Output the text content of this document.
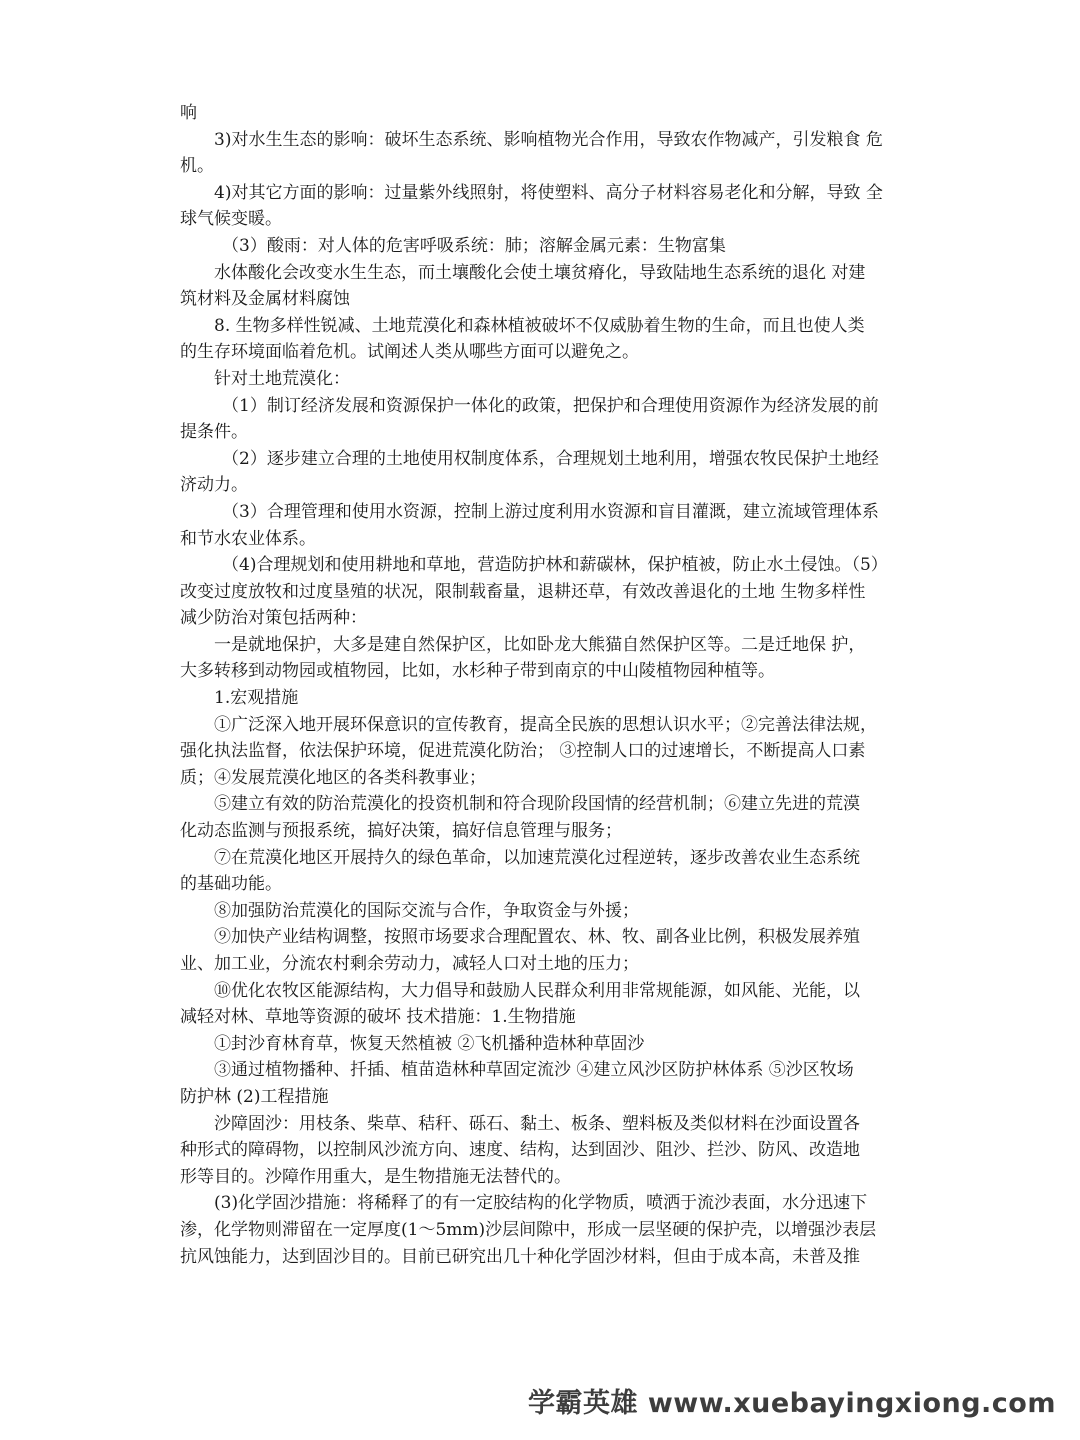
响
3)对水生生态的影响：破坏生态系统、影响植物光合作用，导致农作物减产，引发粮食 危
机。
4)对其它方面的影响：过量紫外线照射，将使塑料、高分子材料容易老化和分解，导致 全
球气候变暖。
（3）酸雨：对人体的危害呼吸系统：肺；溶解金属元素：生物富集
水体酸化会改变水生生态，而土壤酸化会使土壤贫瘠化，导致陆地生态系统的退化 对建
筑材料及金属材料腐蚀
8. 生物多样性锐减、土地荒漠化和森林植被破坏不仅威胁着生物的生命，而且也使人类
的生存环境面临着危机。试阐述人类从哪些方面可以避免之。
针对土地荒漠化：
（1）制订经济发展和资源保护一体化的政策，把保护和合理使用资源作为经济发展的前
提条件。
（2）逐步建立合理的土地使用权制度体系，合理规划土地利用，增强农牧民保护土地经
济动力。
（3）合理管理和使用水资源，控制上游过度利用水资源和盲目灌溉，建立流域管理体系
和节水农业体系。
（4)合理规划和使用耕地和草地，营造防护林和薪碳林，保护植被，防止水土侵蚀。（5）
改变过度放牧和过度垦殖的状况，限制载畜量，退耕还草，有效改善退化的土地 生物多样性
减少防治对策包括两种：
一是就地保护，大多是建自然保护区，比如卧龙大熊猫自然保护区等。二是迁地保 护，
大多转移到动物园或植物园，比如，水杉种子带到南京的中山陵植物园种植等。
1.宏观措施
①广泛深入地开展环保意识的宣传教育，提高全民族的思想认识水平；②完善法律法规，
强化执法监督，依法保护环境，促进荒漠化防治； ③控制人口的过速增长，不断提高人口素
质；④发展荒漠化地区的各类科教事业；
⑤建立有效的防治荒漠化的投资机制和符合现阶段国情的经营机制；⑥建立先进的荒漠
化动态监测与预报系统，搞好决策，搞好信息管理与服务；
⑦在荒漠化地区开展持久的绿色革命，以加速荒漠化过程逆转，逐步改善农业生态系统
的基础功能。
⑧加强防治荒漠化的国际交流与合作，争取资金与外援；
⑨加快产业结构调整，按照市场要求合理配置农、林、牧、副各业比例，积极发展养殖
业、加工业，分流农村剩余劳动力，减轻人口对土地的压力；
⑩优化农牧区能源结构，大力倡导和鼓励人民群众利用非常规能源，如风能、光能，以
减轻对林、草地等资源的破坏 技术措施：1.生物措施
①封沙育林育草，恢复天然植被 ②飞机播种造林种草固沙
③通过植物播种、扦插、植苗造林种草固定流沙 ④建立风沙区防护林体系 ⑤沙区牧场
防护林 (2)工程措施
沙障固沙：用枝条、柴草、秸秆、砾石、黏土、板条、塑料板及类似材料在沙面设置各
种形式的障碍物，以控制风沙流方向、速度、结构，达到固沙、阻沙、拦沙、防风、改造地
形等目的。沙障作用重大，是生物措施无法替代的。
(3)化学固沙措施：将稀释了的有一定胶结构的化学物质，喷洒于流沙表面，水分迅速下
渗，化学物则滞留在一定厚度(1～5mm)沙层间隙中，形成一层坚硬的保护壳，以增强沙表层
抗风蚀能力，达到固沙目的。目前已研究出几十种化学固沙材料，但由于成本高，未普及推
学霸英雄 www.xuebayingxiong.com
